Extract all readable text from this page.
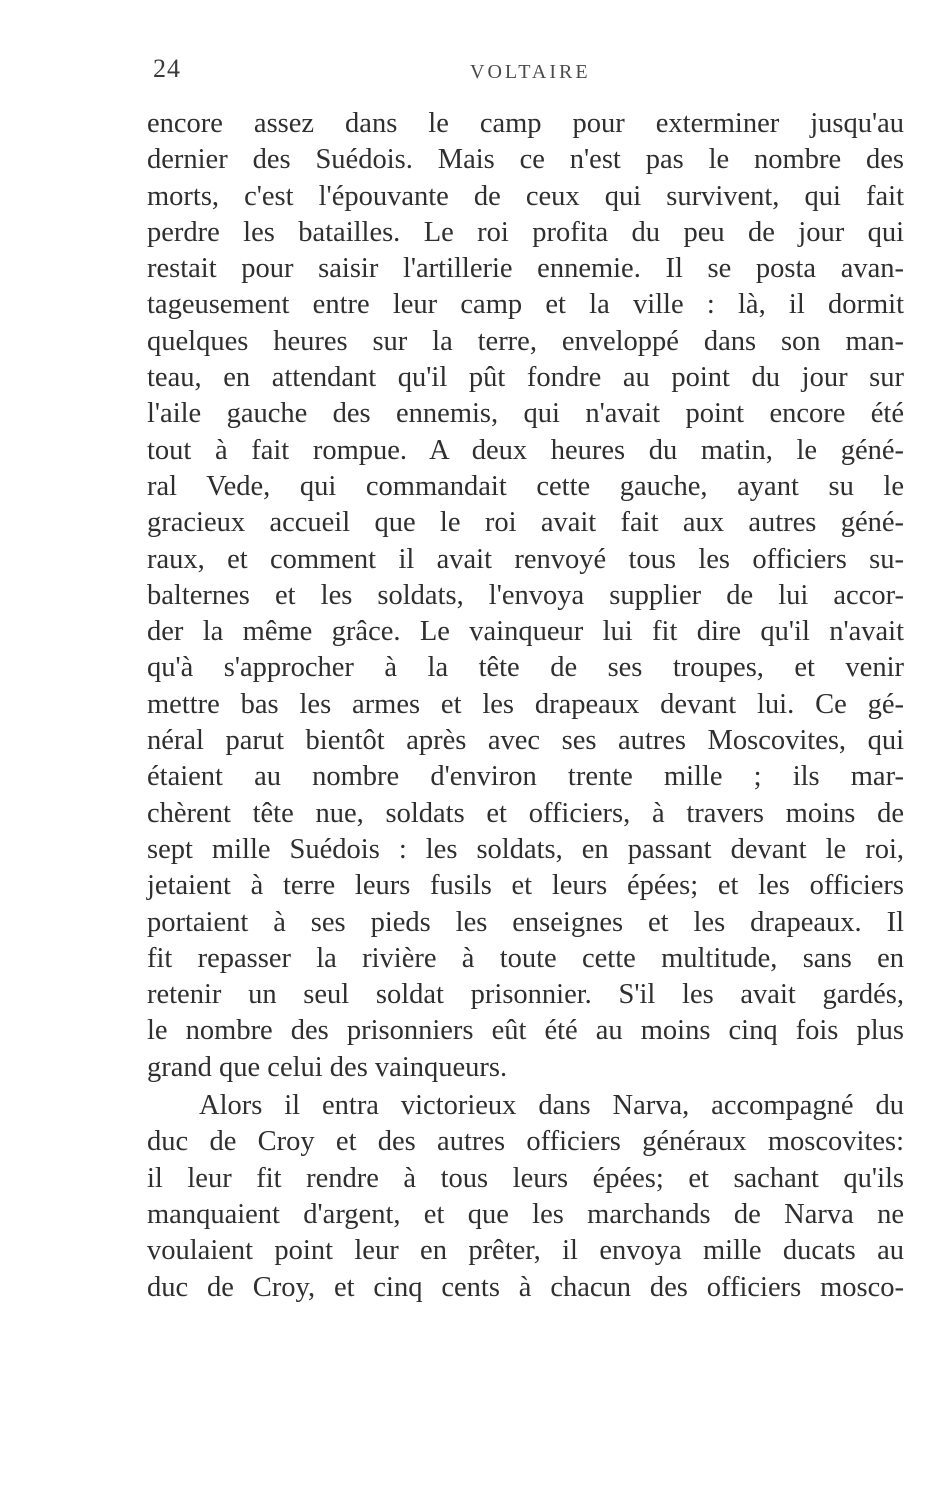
24	VOLTAIRE
encore assez dans le camp pour exterminer jusqu'au
dernier des Suédois. Mais ce n'est pas le nombre des
morts, c'est l'épouvante de ceux qui survivent, qui fait
perdre les batailles. Le roi profita du peu de jour qui
restait pour saisir l'artillerie ennemie. Il se posta avan-
tageusement entre leur camp et la ville : là, il dormit
quelques heures sur la terre, enveloppé dans son man-
teau, en attendant qu'il pût fondre au point du jour sur
l'aile gauche des ennemis, qui n'avait point encore été
tout à fait rompue. A deux heures du matin, le géné-
ral Vede, qui commandait cette gauche, ayant su le
gracieux accueil que le roi avait fait aux autres géné-
raux, et comment il avait renvoyé tous les officiers su-
balternes et les soldats, l'envoya supplier de lui accor-
der la même grâce. Le vainqueur lui fit dire qu'il n'avait
qu'à s'approcher à la tête de ses troupes, et venir
mettre bas les armes et les drapeaux devant lui. Ce gé-
néral parut bientôt après avec ses autres Moscovites, qui
étaient au nombre d'environ trente mille ; ils mar-
chèrent tête nue, soldats et officiers, à travers moins de
sept mille Suédois : les soldats, en passant devant le roi,
jetaient à terre leurs fusils et leurs épées; et les officiers
portaient à ses pieds les enseignes et les drapeaux. Il
fit repasser la rivière à toute cette multitude, sans en
retenir un seul soldat prisonnier. S'il les avait gardés,
le nombre des prisonniers eût été au moins cinq fois plus
grand que celui des vainqueurs.
Alors il entra victorieux dans Narva, accompagné du
duc de Croy et des autres officiers généraux moscovites:
il leur fit rendre à tous leurs épées; et sachant qu'ils
manquaient d'argent, et que les marchands de Narva ne
voulaient point leur en prêter, il envoya mille ducats au
duc de Croy, et cinq cents à chacun des officiers mosco-
